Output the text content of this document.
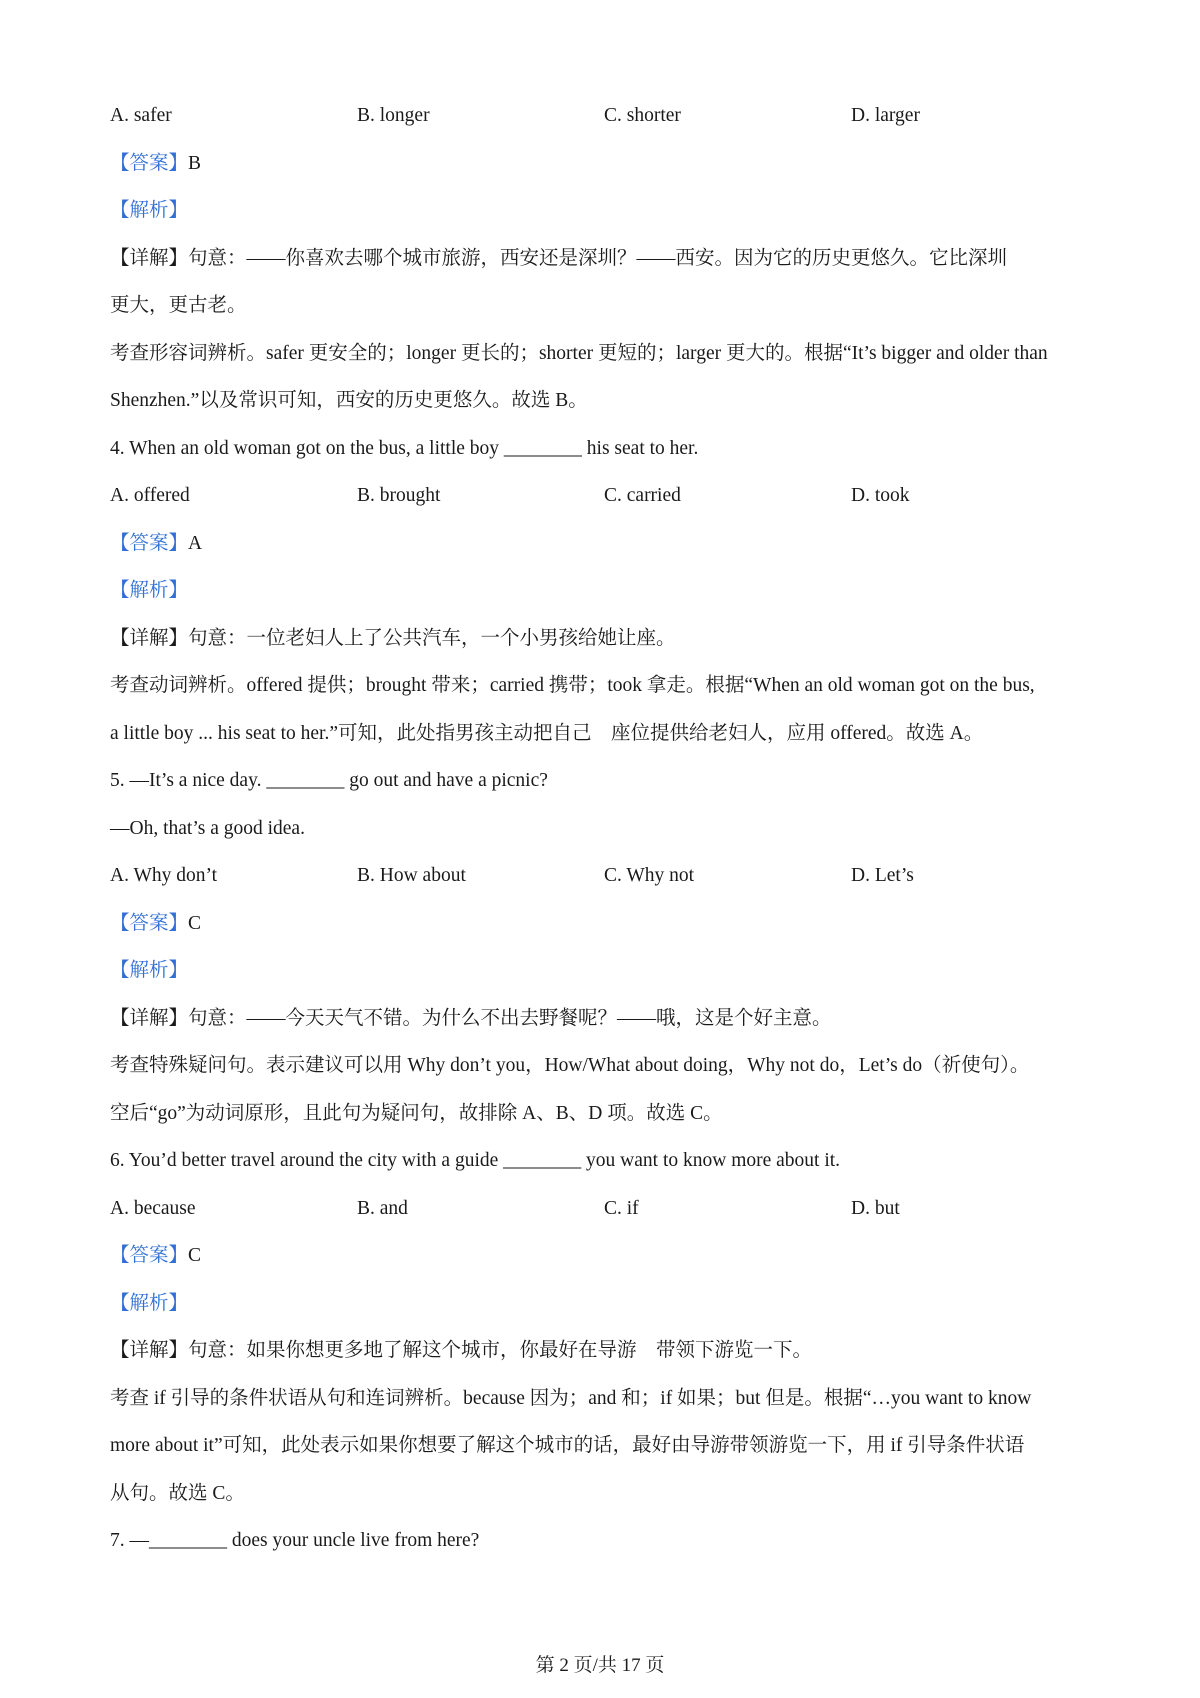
A. safer	B. longer	C. shorter	D. larger
【答案】B
【解析】
【详解】句意：——你喜欢去哪个城市旅游，西安还是深圳？——西安。因为它的历史更悠久。它比深圳
更大，更古老。
考查形容词辨析。safer 更安全的；longer 更长的；shorter 更短的；larger 更大的。根据“It’s bigger and older than
Shenzhen.”以及常识可知，西安的历史更悠久。故选 B。
4. When an old woman got on the bus, a little boy ________ his seat to her.
A. offered	B. brought	C. carried	D. took
【答案】A
【解析】
【详解】句意：一位老妇人上了公共汽车，一个小男孩给她让座。
考查动词辨析。offered 提供；brought 带来；carried 携带；took 拿走。根据“When an old woman got on the bus,
a little boy ... his seat to her.”可知，此处指男孩主动把自己　座位提供给老妇人，应用 offered。故选 A。
5. —It’s a nice day. ________ go out and have a picnic?
—Oh, that’s a good idea.
A. Why don’t	B. How about	C. Why not	D. Let’s
【答案】C
【解析】
【详解】句意：——今天天气不错。为什么不出去野餐呢？——哦，这是个好主意。
考查特殊疑问句。表示建议可以用 Why don’t you，How/What about doing，Why not do，Let’s do（祈使句）。
空后“go”为动词原形，且此句为疑问句，故排除 A、B、D 项。故选 C。
6. You’d better travel around the city with a guide ________ you want to know more about it.
A. because	B. and	C. if	D. but
【答案】C
【解析】
【详解】句意：如果你想更多地了解这个城市，你最好在导游　带领下游览一下。
考查 if 引导的条件状语从句和连词辨析。because 因为；and 和；if 如果；but 但是。根据“…you want to know
more about it”可知，此处表示如果你想要了解这个城市的话，最好由导游带领游览一下，用 if 引导条件状语
从句。故选 C。
7. —________ does your uncle live from here?
第 2 页/共 17 页
